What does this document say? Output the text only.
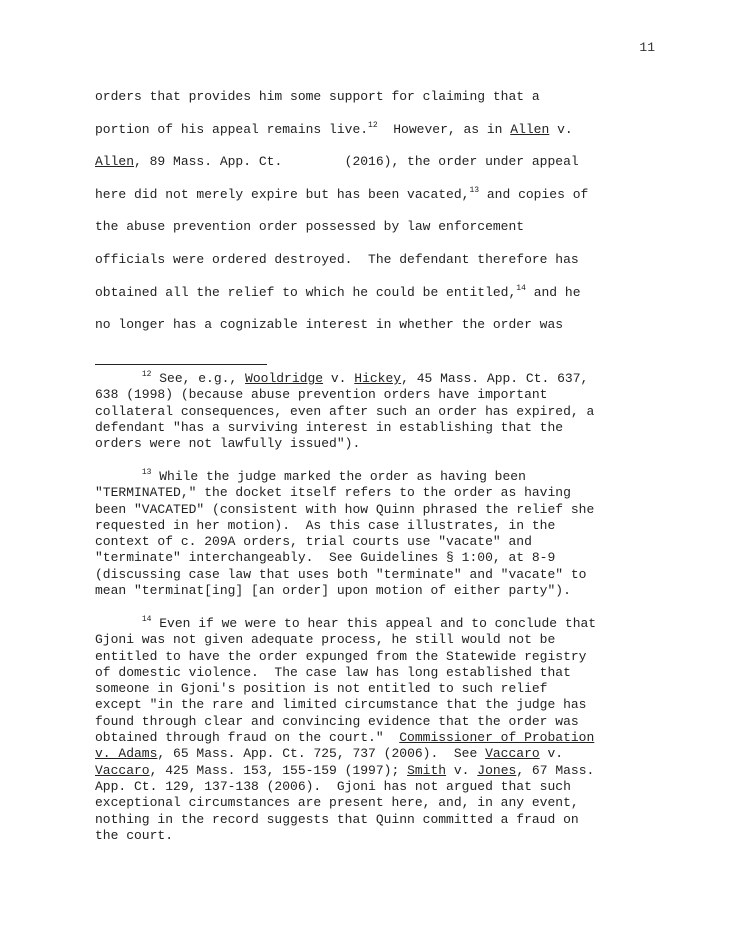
11
orders that provides him some support for claiming that a
portion of his appeal remains live.$^{12}$  However, as in Allen v.
Allen, 89 Mass. App. Ct.        (2016), the order under appeal
here did not merely expire but has been vacated,$^{13}$ and copies of
the abuse prevention order possessed by law enforcement
officials were ordered destroyed.  The defendant therefore has
obtained all the relief to which he could be entitled,$^{14}$ and he
no longer has a cognizable interest in whether the order was
$^{12}$ See, e.g., Wooldridge v. Hickey, 45 Mass. App. Ct. 637,
638 (1998) (because abuse prevention orders have important
collateral consequences, even after such an order has expired, a
defendant "has a surviving interest in establishing that the
orders were not lawfully issued").
$^{13}$ While the judge marked the order as having been
"TERMINATED," the docket itself refers to the order as having
been "VACATED" (consistent with how Quinn phrased the relief she
requested in her motion).  As this case illustrates, in the
context of c. 209A orders, trial courts use "vacate" and
"terminate" interchangeably.  See Guidelines § 1:00, at 8-9
(discussing case law that uses both "terminate" and "vacate" to
mean "terminat[ing] [an order] upon motion of either party").
$^{14}$ Even if we were to hear this appeal and to conclude that
Gjoni was not given adequate process, he still would not be
entitled to have the order expunged from the Statewide registry
of domestic violence.  The case law has long established that
someone in Gjoni's position is not entitled to such relief
except "in the rare and limited circumstance that the judge has
found through clear and convincing evidence that the order was
obtained through fraud on the court."  Commissioner of Probation
v. Adams, 65 Mass. App. Ct. 725, 737 (2006).  See Vaccaro v.
Vaccaro, 425 Mass. 153, 155-159 (1997); Smith v. Jones, 67 Mass.
App. Ct. 129, 137-138 (2006).  Gjoni has not argued that such
exceptional circumstances are present here, and, in any event,
nothing in the record suggests that Quinn committed a fraud on
the court.
